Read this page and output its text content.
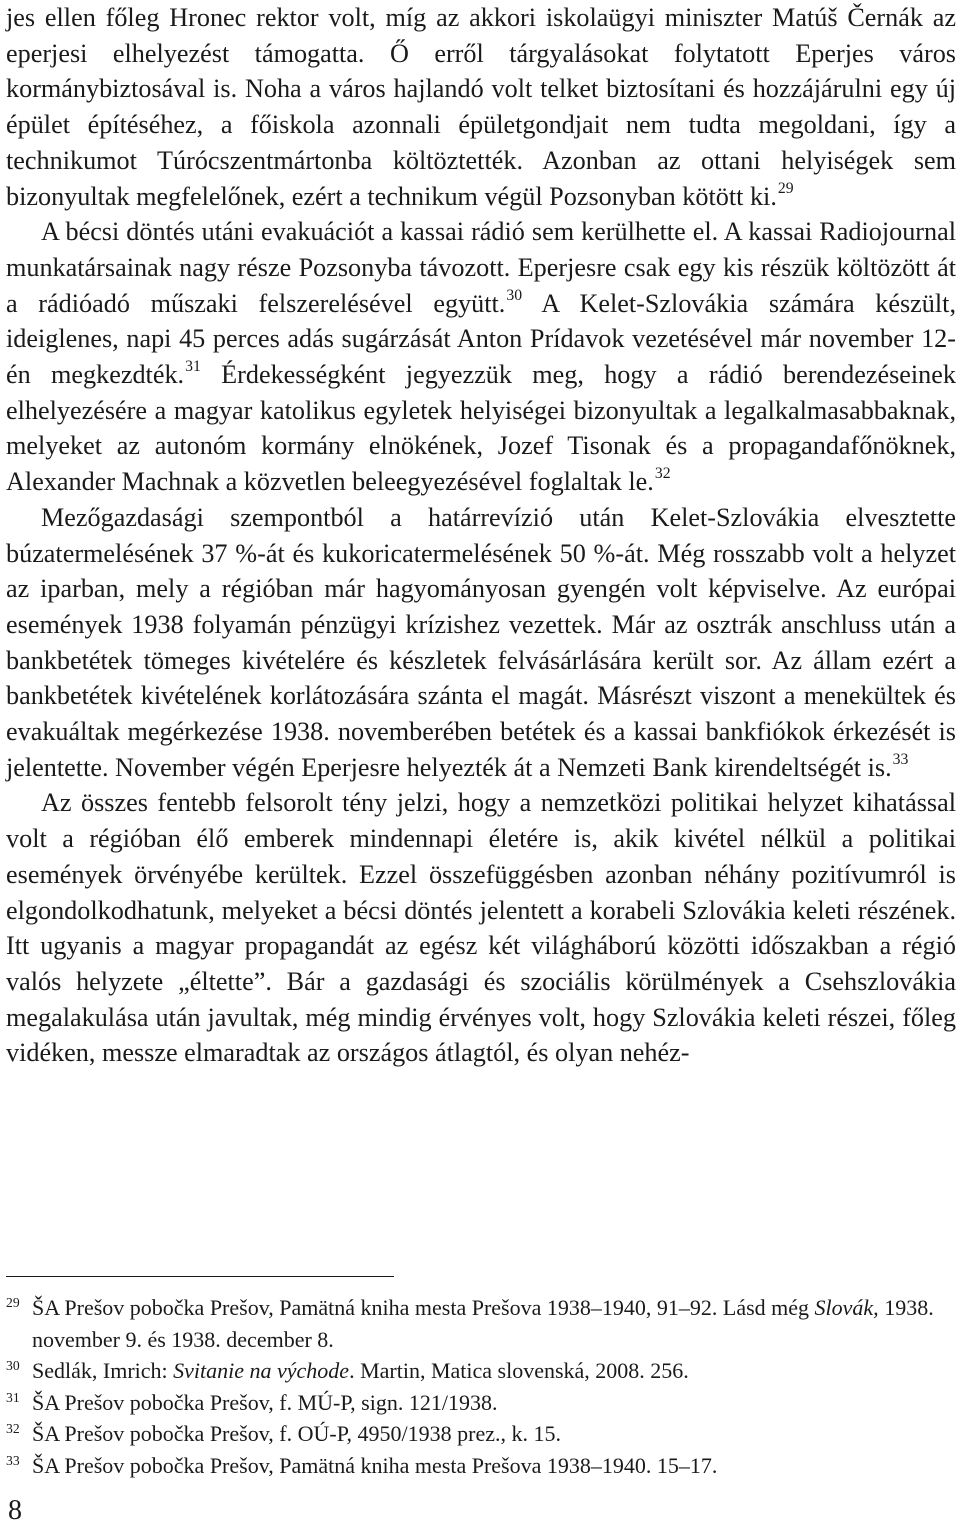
jes ellen főleg Hronec rektor volt, míg az akkori iskolaügyi miniszter Matúš Černák az eperjesi elhelyezést támogatta. Ő erről tárgyalásokat folytatott Eperjes város kormánybiztosával is. Noha a város hajlandó volt telket biztosítani és hozzájárulni egy új épület építéséhez, a főiskola azonnali épületgondjait nem tudta megoldani, így a technikumot Túrócszentmártonba költöztették. Azonban az ottani helyiségek sem bizonyultak megfelelőnek, ezért a technikum végül Pozsonyban kötött ki.$^{29}$

A bécsi döntés utáni evakuációt a kassai rádió sem kerülhette el. A kassai Radiojournal munkatársainak nagy része Pozsonyba távozott. Eperjesre csak egy kis részük költözött át a rádióadó műszaki felszerelésével együtt.$^{30}$ A Kelet-Szlovákia számára készült, ideiglenes, napi 45 perces adás sugárzását Anton Prídavok vezetésével már november 12-én megkezdték.$^{31}$ Érdekességként jegyezzük meg, hogy a rádió berendezéseinek elhelyezésére a magyar katolikus egyletek helyiségei bizonyultak a legalkalmasabbaknak, melyeket az autonóm kormány elnökének, Jozef Tisonak és a propagandafőnöknek, Alexander Machnak a közvetlen beleegyezésével foglaltak le.$^{32}$

Mezőgazdasági szempontból a határrevízió után Kelet-Szlovákia elvesztette búzatermelésének 37 %-át és kukoricatermelésének 50 %-át. Még rosszabb volt a helyzet az iparban, mely a régióban már hagyományosan gyengén volt képviselve. Az európai események 1938 folyamán pénzügyi krízishez vezettek. Már az osztrák anschluss után a bankbetétek tömeges kivételére és készletek felvásárlására került sor. Az állam ezért a bankbetétek kivételének korlátozására szánta el magát. Másrészt viszont a menekültek és evakuáltak megérkezése 1938. novemberében betétek és a kassai bankfiókok érkezését is jelentette. November végén Eperjesre helyezték át a Nemzeti Bank kirendeltségét is.$^{33}$

Az összes fentebb felsorolt tény jelzi, hogy a nemzetközi politikai helyzet kihatással volt a régióban élő emberek mindennapi életére is, akik kivétel nélkül a politikai események örvényébe kerültek. Ezzel összefüggésben azonban néhány pozitívumról is elgondolkodhatunk, melyeket a bécsi döntés jelentett a korabeli Szlovákia keleti részének. Itt ugyanis a magyar propagandát az egész két világháború közötti időszakban a régió valós helyzete „éltette”. Bár a gazdasági és szociális körülmények a Csehszlovákia megalakulása után javultak, még mindig érvényes volt, hogy Szlovákia keleti részei, főleg vidéken, messze elmaradtak az országos átlagtól, és olyan nehéz-

29 ŠA Prešov pobočka Prešov, Pamätná kniha mesta Prešova 1938–1940, 91–92. Lásd még Slovák, 1938. november 9. és 1938. december 8.
30 Sedlák, Imrich: Svitanie na východe. Martin, Matica slovenská, 2008. 256.
31 ŠA Prešov pobočka Prešov, f. MÚ-P, sign. 121/1938.
32 ŠA Prešov pobočka Prešov, f. OÚ-P, 4950/1938 prez., k. 15.
33 ŠA Prešov pobočka Prešov, Pamätná kniha mesta Prešova 1938–1940. 15–17.
8
